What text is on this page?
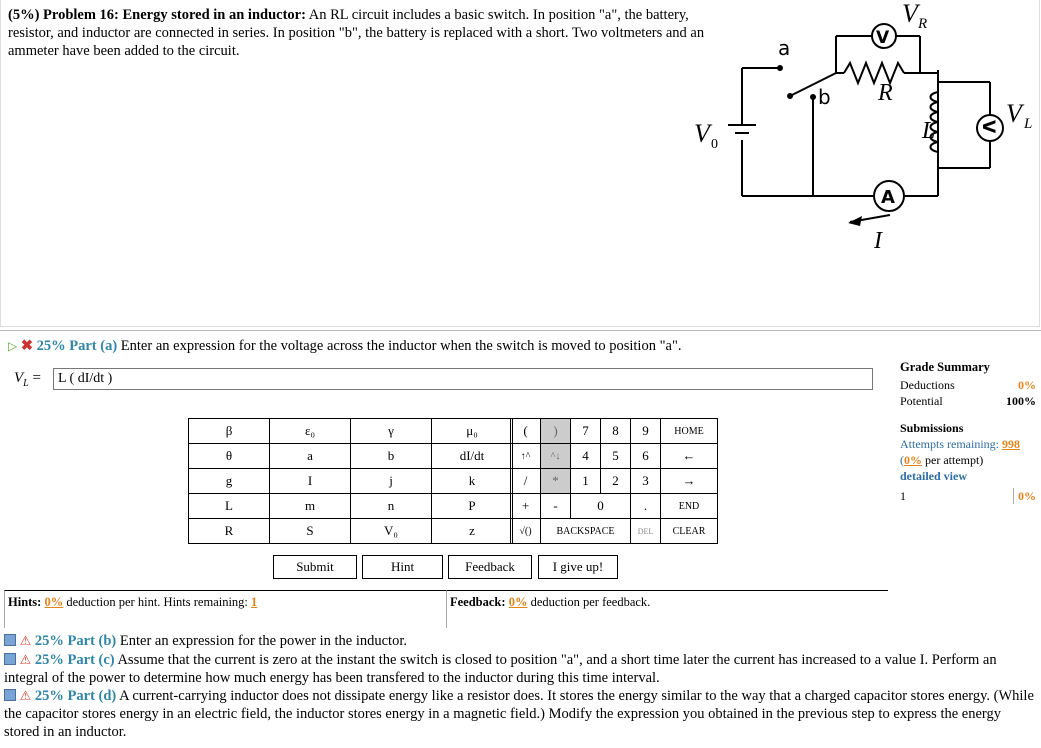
(5%) Problem 16: Energy stored in an inductor: An RL circuit includes a basic switch. In position "a", the battery, resistor, and inductor are connected in series. In position "b", the battery is replaced with a short. Two voltmeters and an ammeter have been added to the circuit.	a
b R
V R
L
V L
V 0
I
V
V
A
▷ ✖ 25% Part (a) Enter an expression for the voltage across the inductor when the switch is moved to position "a".
$V_L$ =
L ( dI/dt )
β	ε₀	γ	μ₀
θ	a	b	dI/dt
g	I	j	k
L	m	n	P
R	S	V₀	z
(	)	7	8	9	HOME
↑^	^↓	4	5	6	←
/	*	1	2	3	→
+	-	0		.	END
√()	BACKSPACE			DEL	CLEAR
Submit	Hint	Feedback	I give up!
Hints: 0% deduction per hint. Hints remaining: 1	Feedback: 0% deduction per feedback.
Grade Summary
Deductions	0%
Potential	100%
Submissions
Attempts remaining: 998
(0% per attempt)
detailed view
1	0%
⚠ 25% Part (b) Enter an expression for the power in the inductor.
⚠ 25% Part (c) Assume that the current is zero at the instant the switch is closed to position "a", and a short time later the current has increased to a value I. Perform an integral of the power to determine how much energy has been transfered to the inductor during this time interval.
⚠ 25% Part (d) A current-carrying inductor does not dissipate energy like a resistor does. It stores the energy similar to the way that a charged capacitor stores energy. (While the capacitor stores energy in an electric field, the inductor stores energy in a magnetic field.) Modify the expression you obtained in the previous step to express the energy stored in an inductor.
